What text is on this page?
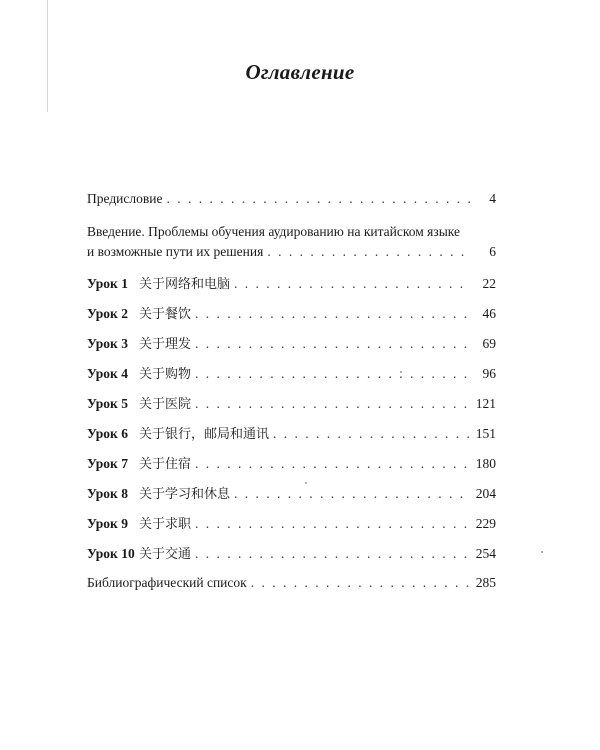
Оглавление
Предисловие . . .	4
Введение. Проблемы обучения аудированию на китайском языке
и возможные пути их решения . . .	6
Урок 1 关于网络和电脑 . . .	22
Урок 2 关于餐饮 . . .	46
Урок 3 关于理发 . . .	69
Урок 4 关于购物 . . .	96
Урок 5 关于医院 . . .	121
Урок 6 关于银行，邮局和通讯 . . .	151
Урок 7 关于住宿 . . .	180
Урок 8 关于学习和休息 . . .	204
Урок 9 关于求职 . . .	229
Урок 10 关于交通 . . .	254
Библиографический список . . .	285
